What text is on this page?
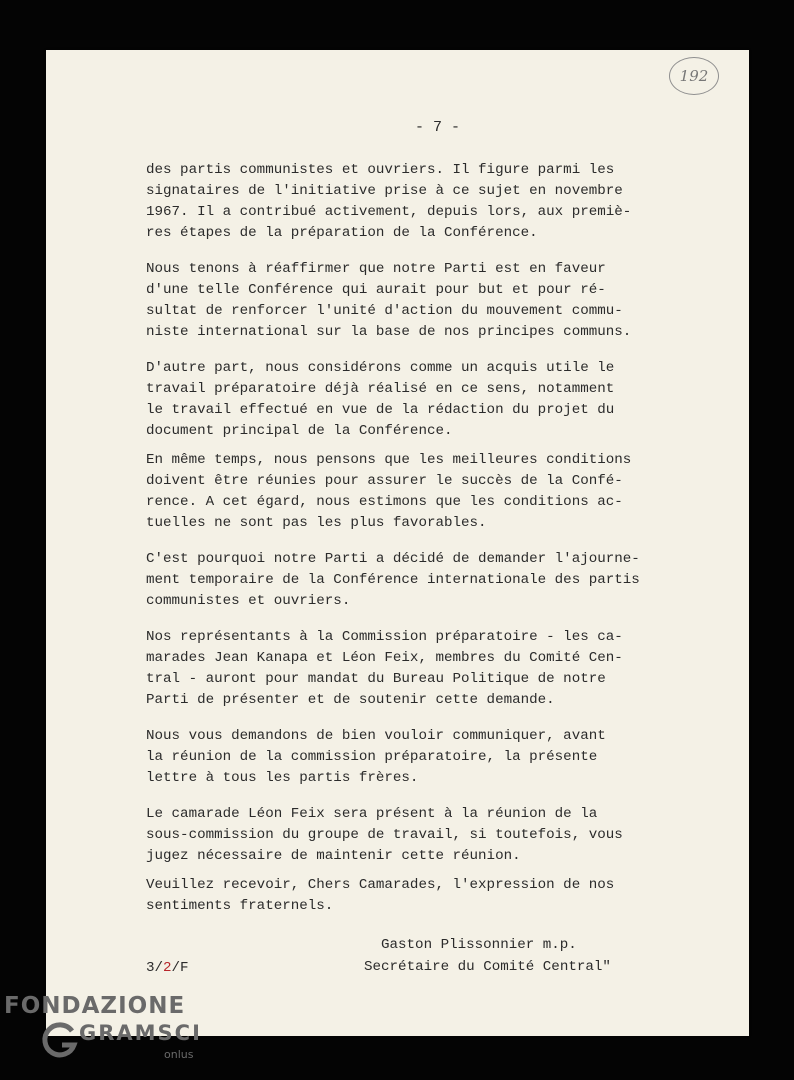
192
- 7 -

des partis communistes et ouvriers. Il figure parmi les
signataires de l'initiative prise à ce sujet en novembre
1967. Il a contribué activement, depuis lors, aux premiè-
res étapes de la préparation de la Conférence.

Nous tenons à réaffirmer que notre Parti est en faveur
d'une telle Conférence qui aurait pour but et pour ré-
sultat de renforcer l'unité d'action du mouvement commu-
niste international sur la base de nos principes communs.

D'autre part, nous considérons comme un acquis utile le
travail préparatoire déjà réalisé en ce sens, notamment
le travail effectué en vue de la rédaction du projet du
document principal de la Conférence.

En même temps, nous pensons que les meilleures conditions
doivent être réunies pour assurer le succès de la Confé-
rence. A cet égard, nous estimons que les conditions ac-
tuelles ne sont pas les plus favorables.

C'est pourquoi notre Parti a décidé de demander l'ajourne-
ment temporaire de la Conférence internationale des partis
communistes et ouvriers.

Nos représentants à la Commission préparatoire - les ca-
marades Jean Kanapa et Léon Feix, membres du Comité Cen-
tral - auront pour mandat du Bureau Politique de notre
Parti de présenter et de soutenir cette demande.

Nous vous demandons de bien vouloir communiquer, avant
la réunion de la commission préparatoire, la présente
lettre à tous les partis frères.

Le camarade Léon Feix sera présent à la réunion de la
sous-commission du groupe de travail, si toutefois, vous
jugez nécessaire de maintenir cette réunion.

Veuillez recevoir, Chers Camarades, l'expression de nos
sentiments fraternels.

Gaston Plissonnier m.p.
Secrétaire du Comité Central"
3/2/F
FONDAZIONE
GRAMSCI
onlus
